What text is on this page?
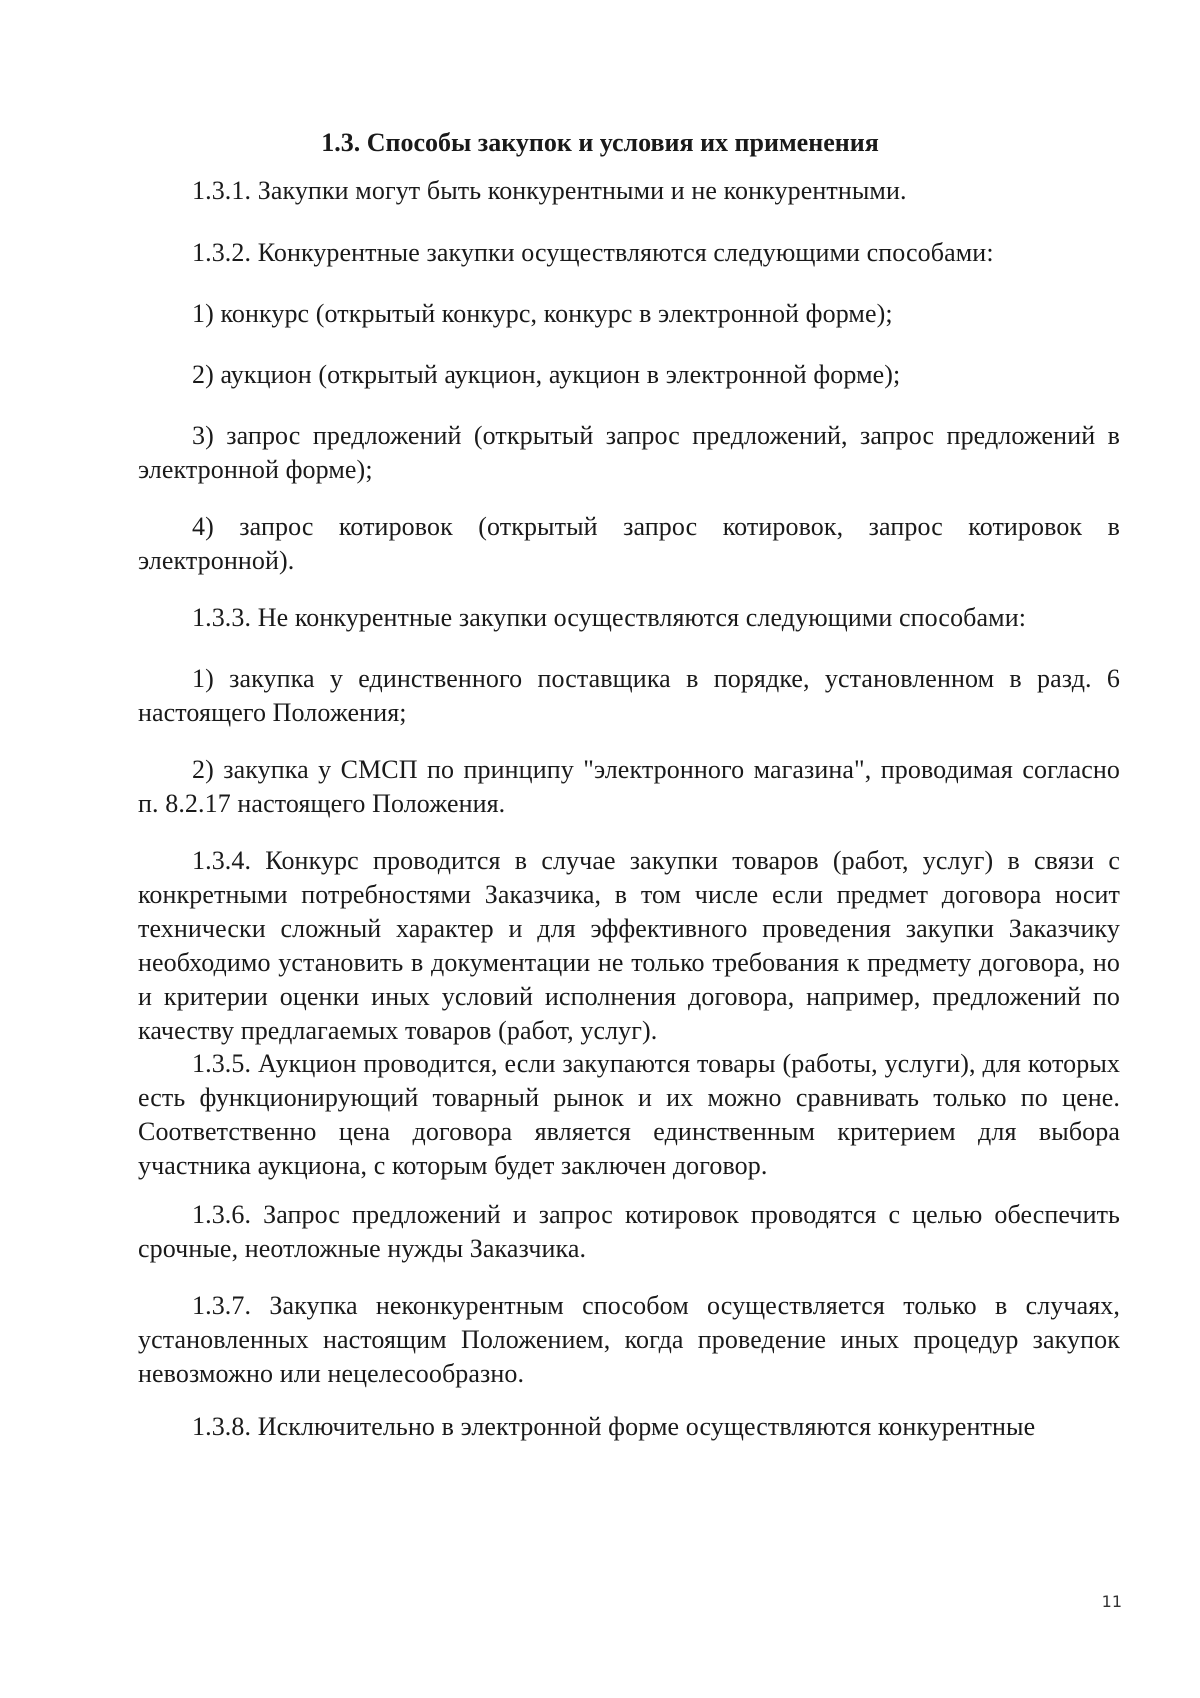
1.3. Способы закупок и условия их применения

1.3.1. Закупки могут быть конкурентными и не конкурентными.

1.3.2. Конкурентные закупки осуществляются следующими способами:

1) конкурс (открытый конкурс, конкурс в электронной форме);

2) аукцион (открытый аукцион, аукцион в электронной форме);

3) запрос предложений (открытый запрос предложений, запрос предложений в электронной форме);

4) запрос котировок (открытый запрос котировок, запрос котировок в электронной).

1.3.3. Не конкурентные закупки осуществляются следующими способами:

1) закупка у единственного поставщика в порядке, установленном в разд. 6 настоящего Положения;

2) закупка у СМСП по принципу "электронного магазина", проводимая согласно п. 8.2.17 настоящего Положения.

1.3.4. Конкурс проводится в случае закупки товаров (работ, услуг) в связи с конкретными потребностями Заказчика, в том числе если предмет договора носит технически сложный характер и для эффективного проведения закупки Заказчику необходимо установить в документации не только требования к предмету договора, но и критерии оценки иных условий исполнения договора, например, предложений по качеству предлагаемых товаров (работ, услуг).

1.3.5. Аукцион проводится, если закупаются товары (работы, услуги), для которых есть функционирующий товарный рынок и их можно сравнивать только по цене. Соответственно цена договора является единственным критерием для выбора участника аукциона, с которым будет заключен договор.

1.3.6. Запрос предложений и запрос котировок проводятся с целью обеспечить срочные, неотложные нужды Заказчика.

1.3.7. Закупка неконкурентным способом осуществляется только в случаях, установленных настоящим Положением, когда проведение иных процедур закупок невозможно или нецелесообразно.

1.3.8. Исключительно в электронной форме осуществляются конкурентные

11
